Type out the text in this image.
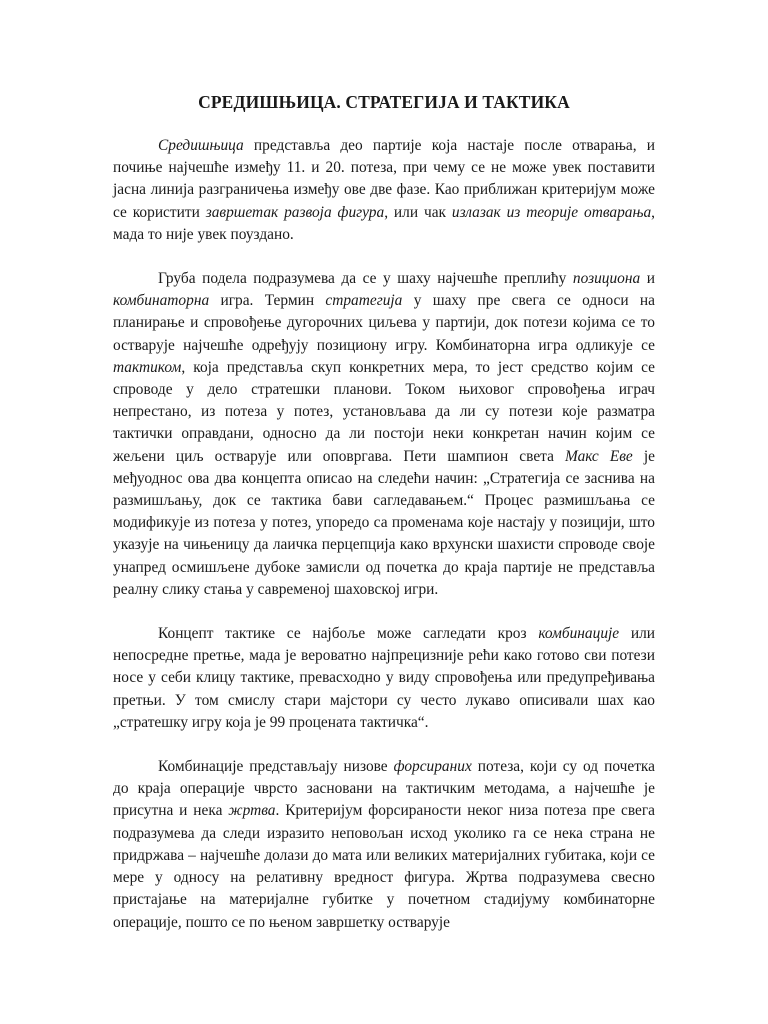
СРЕДИШЊИЦА. СТРАТЕГИЈА И ТАКТИКА

Средишњица представља део партије која настаје после отварања, и почиње најчешће између 11. и 20. потеза, при чему се не може увек поставити јасна линија разграничења између ове две фазе. Као приближан критеријум може се користити завршетак развоја фигура, или чак излазак из теорије отварања, мада то није увек поуздано.

Груба подела подразумева да се у шаху најчешће преплићу позициона и комбинаторна игра. Термин стратегија у шаху пре свега се односи на планирање и спровођење дугорочних циљева у партији, док потези којима се то остварује најчешће одређују позициону игру. Комбинаторна игра одликује се тактиком, која представља скуп конкретних мера, то јест средство којим се спроводе у дело стратешки планови. Током њиховог спровођења играч непрестано, из потеза у потез, установљава да ли су потези које разматра тактички оправдани, односно да ли постоји неки конкретан начин којим се жељени циљ остварује или оповргава. Пети шампион света Макс Еве је међуоднос ова два концепта описао на следећи начин: „Стратегија се заснива на размишљању, док се тактика бави сагледавањем.“ Процес размишљања се модификује из потеза у потез, упоредо са променама које настају у позицији, што указује на чињеницу да лаичка перцепција како врхунски шахисти спроводе своје унапред осмишљене дубоке замисли од почетка до краја партије не представља реалну слику стања у савременој шаховској игри.

Концепт тактике се најбоље може сагледати кроз комбинације или непосредне претње, мада је вероватно најпрецизније рећи како готово сви потези носе у себи клицу тактике, превасходно у виду спровођења или предупређивања претњи. У том смислу стари мајстори су често лукаво описивали шах као „стратешку игру која је 99 процената тактичка“.

Комбинације представљају низове форсираних потеза, који су од почетка до краја операције чврсто засновани на тактичким методама, а најчешће је присутна и нека жртва. Критеријум форсираности неког низа потеза пре свега подразумева да следи изразито неповољан исход уколико га се нека страна не придржава – најчешће долази до мата или великих материјалних губитака, који се мере у односу на релативну вредност фигура. Жртва подразумева свесно пристајање на материјалне губитке у почетном стадијуму комбинаторне операције, пошто се по њеном завршетку остварује
